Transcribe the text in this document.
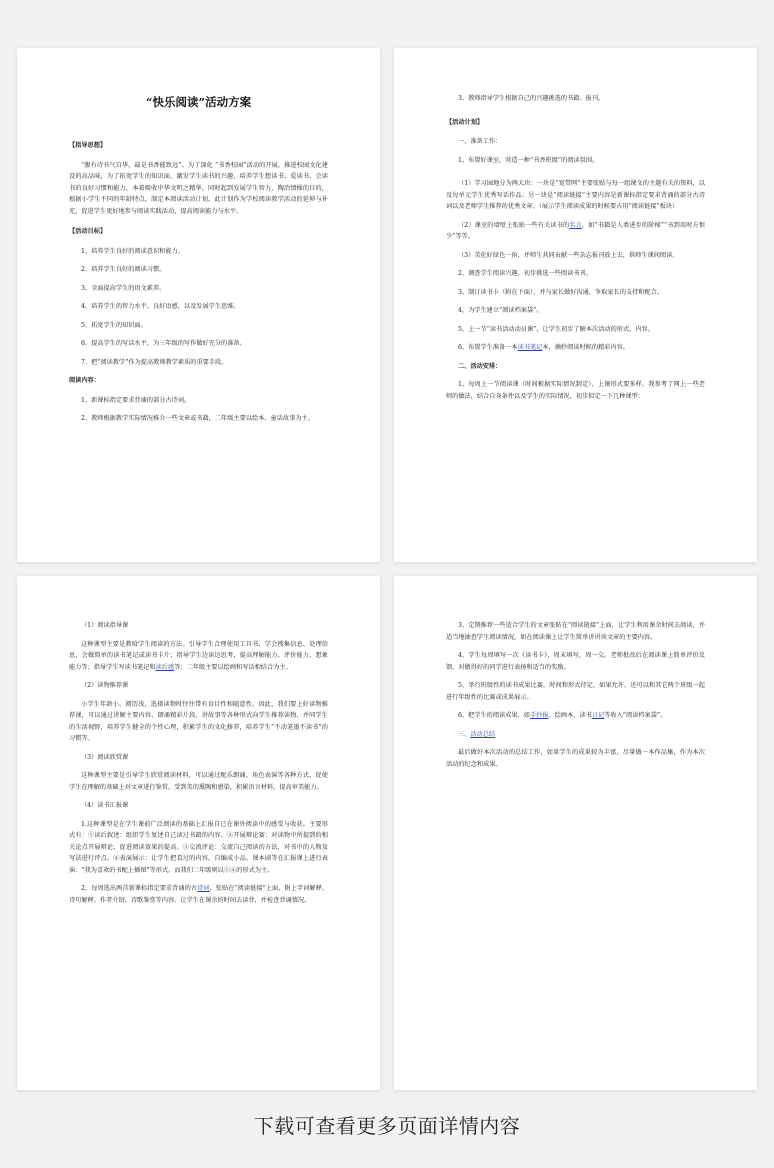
“快乐阅读”活动方案

【指导思想】

“腹有诗书气自华，最是书香能致远”。为了深化 “书香校园”活动的开展，推进校园文化建设的高品味，为了拓宽学生的知识面，激发学生读书的兴趣，培养学生想读书、爱读书、会读书的良好习惯和能力，本着吸收中华文明之精华，同时起到发展学生智力、陶冶情操的目的，根据小学生不同的年龄特点，制定本阅读活动计划，此计划作为学校阅读教学活动的延伸与补充，促进学生更好地参与阅读实践活动，提高阅读能力与水平。

【活动目标】

1、培养学生良好的阅读意识和能力。

2、培养学生良好的阅读习惯。

3、全面提高学生的语文素养。

4、培养学生的智力水平、良好语感，以及发展学生思维。

5、拓宽学生的知识面。

6、提高学生的写话水平，为三年级的写作做好充分的准备。

7、把“阅读教学”作为提高教师教学素质的重要手段。

阅读内容：

1、新课标指定要求背诵的部分古诗词。

2、教师根据教学实际情况推介一些文章或书籍，二年级主要以绘本、童话故事为主。

3、教师指导学生根据自己的兴趣挑选的书籍、报刊。

【活动计划】

一、准备工作：

1、布置好课室，营造一种“书香班级”的阅读氛围。

（1）学习园地分为两大块：一块是“宽带网”主要张贴与每一组课文的主题有关的资料，以及每单元学生优秀写话作品；另一块是“阅读链接”主要内容是新课标指定要求背诵的部分古诗词以及老师学生推荐的优秀文章。（展示学生阅读成果的时候要占用“阅读链接”板块）

（2）课室的墙壁上张贴一些有关读书的名言，如“书籍是人类进步的阶梯”“书到用时方恨少”等等。

（3）美化好绿色一角，并师生共同贡献一些杂志报刊放上去，供师生课间阅读。

2、调查学生阅读兴趣，初步挑选一些阅读书刊。

3、制订读书卡（附在下面），并与家长做好沟通，争取家长的支持和配合。

4、为学生建立“阅读档案袋”。

5、上一节“读书活动动员课”，让学生初步了解本次活动的形式、内容。

6、布置学生准备一本读书笔记本，摘抄阅读时候的精彩内容。

二、活动安排：

1、每周上一节阅读课（时间根据实际情况制定），上课形式要多样。我参考了网上一些老师的做法，结合自身条件以及学生的实际情况，初步拟定一下几种课型：

（1）阅读指导课

这种课型主要是教给学生阅读的方法。引导学生合理使用工具书，学会搜集信息、处理信息，会做简单的读书笔记或读书卡片；指导学生边读边思考，提高理解能力、评价能力、想象能力等；指导学生写读书笔记和读后感等；二年级主要以绘画和写话相结合为主。

（2）读物推荐课

小学生年龄小，阅历浅，选择读物时往往带有盲目性和随意性。因此，我们要上好读物推荐课，可以通过讲解主要内容、朗诵精彩片段、讲故事等各种形式向学生推荐读物，并同学生的生活视野，培养学生健全的个性心理，积累学生的文化修养，培养学生“不动笔墨不读书”的习惯等。

（3）阅读欣赏课

这种课型主要是引导学生欣赏阅读材料，可以通过配乐朗诵、角色表演等各种方式，促使学生在理解的基础上对文章进行鉴赏，受到美的熏陶和感染，积累语言材料，提高审美能力。

（4）读书汇报课

1.这种课型是在学生课前广泛阅读的基础上汇报自己在课外阅读中的感受与收获。主要形式有：①读后叙述：组织学生复述自己读过书籍的内容。②开展辩论赛：对读物中所提到的相关论点开展辩论，促进阅读效果的提高。③交流评论：交流自己阅读的方法，对书中的人物及写法进行评点。④表演展示：让学生把看过的内容，自编成小品、课本剧等在汇报课上进行表演：“我为喜欢的书配上插图”等形式。而我们二年级则以①④的形式为主。

2、每周选出两首新课标指定要求背诵的古诗词，张贴在“阅读链接”上面，附上字词解释、诗句解释、作者介绍、诗歌鉴赏等内容，让学生在课余的时间去读背，并检查背诵情况。

3、定期推荐一些适合学生的文章张贴在“阅读链接”上面，让学生利用课余时间去阅读，并适当地抽查学生阅读情况，如在阅读课上让学生简单讲讲该文章的主要内容。

4、学生每周填写一次《读书卡》，周末填写，周一交。老师批改后在阅读课上简单评价反馈，对做得好的同学进行表扬和适当的奖励。

5、举行班级性的读书成果比赛，时间和形式待定，如果允许，还可以和其它两个班级一起进行年级性的比赛或成果展示。

6、把学生的阅读成果，如手抄报、绘画本、读书日记等收入“阅读档案袋”。

三、活动总结

最后做好本次活动的总结工作，如果学生的成果较为丰富，尽量做一本作品集，作为本次活动的纪念和成果。

下载可查看更多页面详情内容
